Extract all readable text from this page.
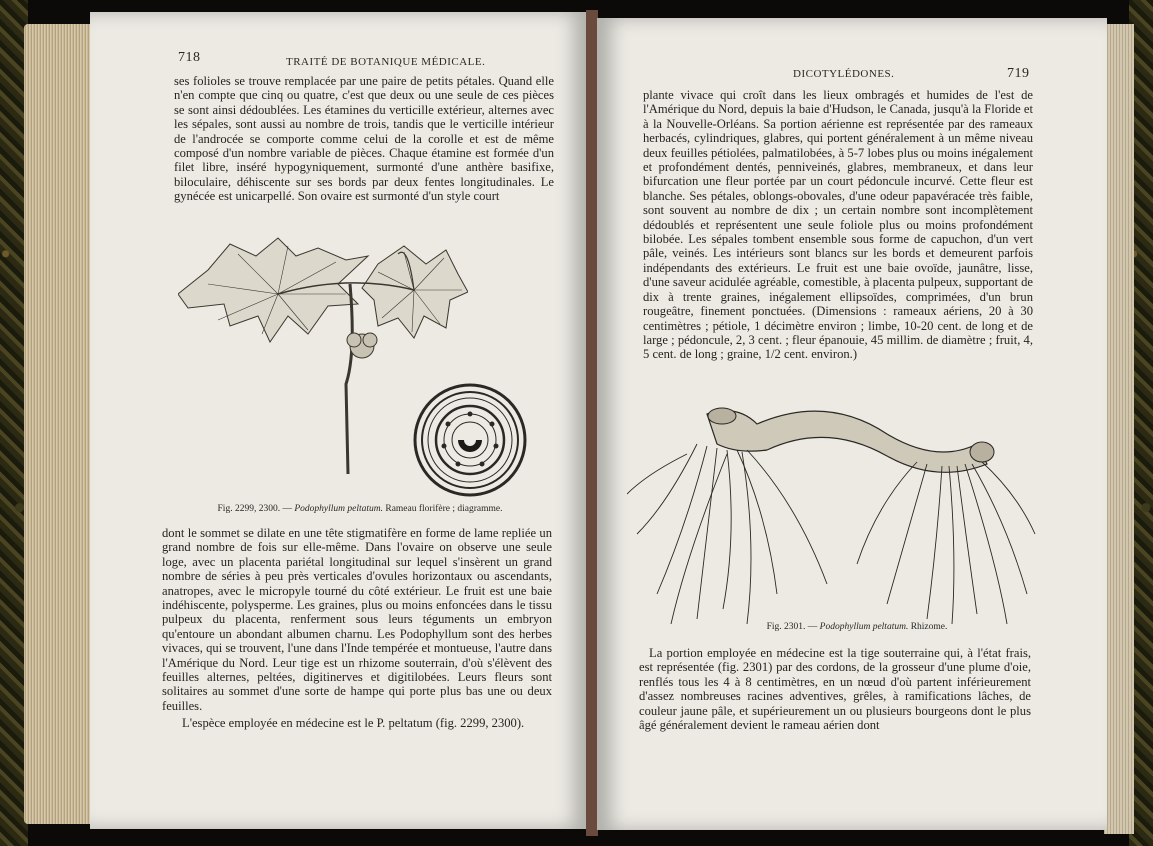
718	TRAITÉ DE BOTANIQUE MÉDICALE.

ses folioles se trouve remplacée par une paire de petits pétales. Quand elle n'en compte que cinq ou quatre, c'est que deux ou une seule de ces pièces se sont ainsi dédoublées. Les étamines du verticille extérieur, alternes avec les sépales, sont aussi au nombre de trois, tandis que le verticille intérieur de l'androcée se comporte comme celui de la corolle et est de même composé d'un nombre variable de pièces. Chaque étamine est formée d'un filet libre, inséré hypogyniquement, surmonté d'une anthère basifixe, biloculaire, déhiscente sur ses bords par deux fentes longitudinales. Le gynécée est unicarpellé. Son ovaire est surmonté d'un style court

Fig. 2299, 2300. — Podophyllum peltatum. Rameau florifère ; diagramme.

dont le sommet se dilate en une tête stigmatifère en forme de lame repliée un grand nombre de fois sur elle-même. Dans l'ovaire on observe une seule loge, avec un placenta pariétal longitudinal sur lequel s'insèrent un grand nombre de séries à peu près verticales d'ovules horizontaux ou ascendants, anatropes, avec le micropyle tourné du côté extérieur. Le fruit est une baie indéhiscente, polysperme. Les graines, plus ou moins enfoncées dans le tissu pulpeux du placenta, renferment sous leurs téguments un embryon qu'entoure un abondant albumen charnu. Les Podophyllum sont des herbes vivaces, qui se trouvent, l'une dans l'Inde tempérée et montueuse, l'autre dans l'Amérique du Nord. Leur tige est un rhizome souterrain, d'où s'élèvent des feuilles alternes, peltées, digitinerves et digitilobées. Leurs fleurs sont solitaires au sommet d'une sorte de hampe qui porte plus bas une ou deux feuilles.

L'espèce employée en médecine est le P. peltatum (fig. 2299, 2300).

DICOTYLÉDONES.	719

plante vivace qui croît dans les lieux ombragés et humides de l'est de l'Amérique du Nord, depuis la baie d'Hudson, le Canada, jusqu'à la Floride et à la Nouvelle-Orléans. Sa portion aérienne est représentée par des rameaux herbacés, cylindriques, glabres, qui portent généralement à un même niveau deux feuilles pétiolées, palmatilobées, à 5-7 lobes plus ou moins inégalement et profondément dentés, penniveinés, glabres, membraneux, et dans leur bifurcation une fleur portée par un court pédoncule incurvé. Cette fleur est blanche. Ses pétales, oblongs-obovales, d'une odeur papavéracée très faible, sont souvent au nombre de dix ; un certain nombre sont incomplètement dédoublés et représentent une seule foliole plus ou moins profondément bilobée. Les sépales tombent ensemble sous forme de capuchon, d'un vert pâle, veinés. Les intérieurs sont blancs sur les bords et demeurent parfois indépendants des extérieurs. Le fruit est une baie ovoïde, jaunâtre, lisse, d'une saveur acidulée agréable, comestible, à placenta pulpeux, supportant de dix à trente graines, inégalement ellipsoïdes, comprimées, d'un brun rougeâtre, finement ponctuées. (Dimensions : rameaux aériens, 20 à 30 centimètres ; pétiole, 1 décimètre environ ; limbe, 10-20 cent. de long et de large ; pédoncule, 2, 3 cent. ; fleur épanouie, 45 millim. de diamètre ; fruit, 4, 5 cent. de long ; graine, 1/2 cent. environ.)

Fig. 2301. — Podophyllum peltatum. Rhizome.

La portion employée en médecine est la tige souterraine qui, à l'état frais, est représentée (fig. 2301) par des cordons, de la grosseur d'une plume d'oie, renflés tous les 4 à 8 centimètres, en un nœud d'où partent inférieurement d'assez nombreuses racines adventives, grêles, à ramifications lâches, de couleur jaune pâle, et supérieurement un ou plusieurs bourgeons dont le plus âgé généralement devient le rameau aérien dont
